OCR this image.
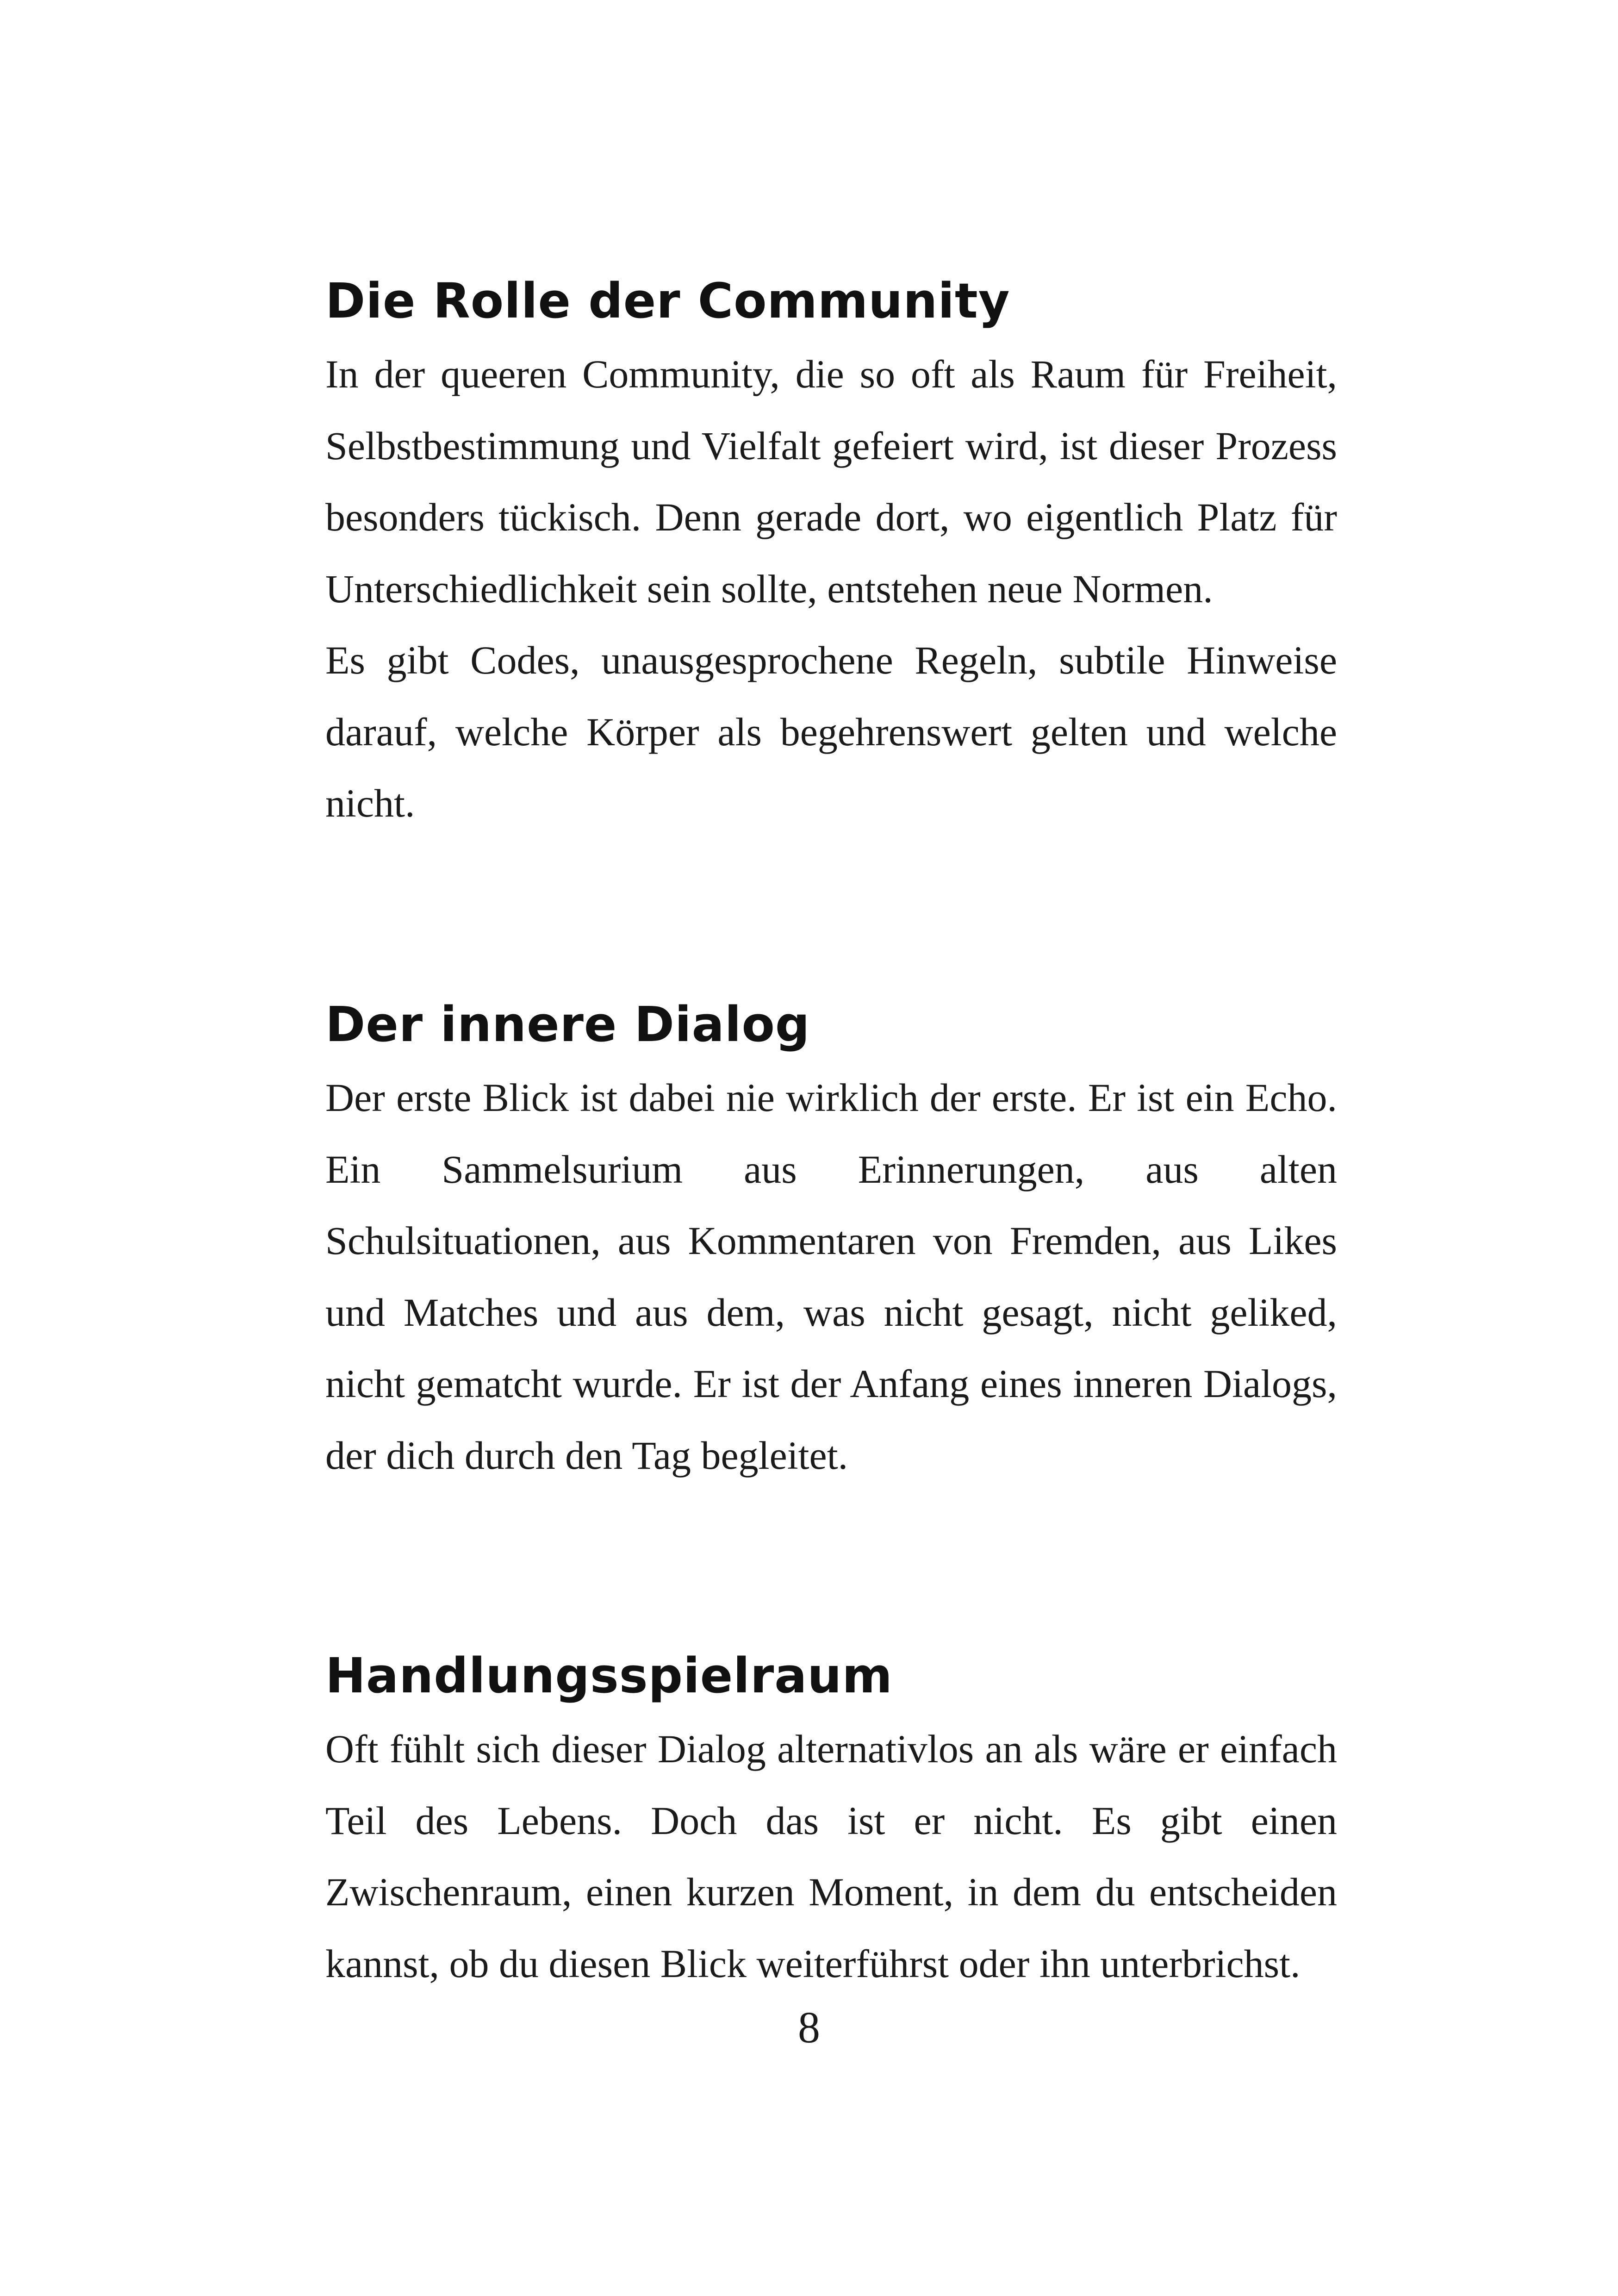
Die Rolle der Community
In der queeren Community, die so oft als Raum für Freiheit, Selbstbestimmung und Vielfalt gefeiert wird, ist dieser Prozess besonders tückisch. Denn gerade dort, wo eigentlich Platz für Unterschiedlichkeit sein sollte, entstehen neue Normen.
Es gibt Codes, unausgesprochene Regeln, subtile Hinweise darauf, welche Körper als begehrenswert gelten und welche nicht.
Der innere Dialog
Der erste Blick ist dabei nie wirklich der erste. Er ist ein Echo. Ein Sammelsurium aus Erinnerungen, aus alten Schulsituationen, aus Kommentaren von Fremden, aus Likes und Matches und aus dem, was nicht gesagt, nicht geliked, nicht gematcht wurde. Er ist der Anfang eines inneren Dialogs, der dich durch den Tag begleitet.
Handlungsspielraum
Oft fühlt sich dieser Dialog alternativlos an als wäre er einfach Teil des Lebens. Doch das ist er nicht. Es gibt einen Zwischenraum, einen kurzen Moment, in dem du entscheiden kannst, ob du diesen Blick weiterführst oder ihn unterbrichst.
8
